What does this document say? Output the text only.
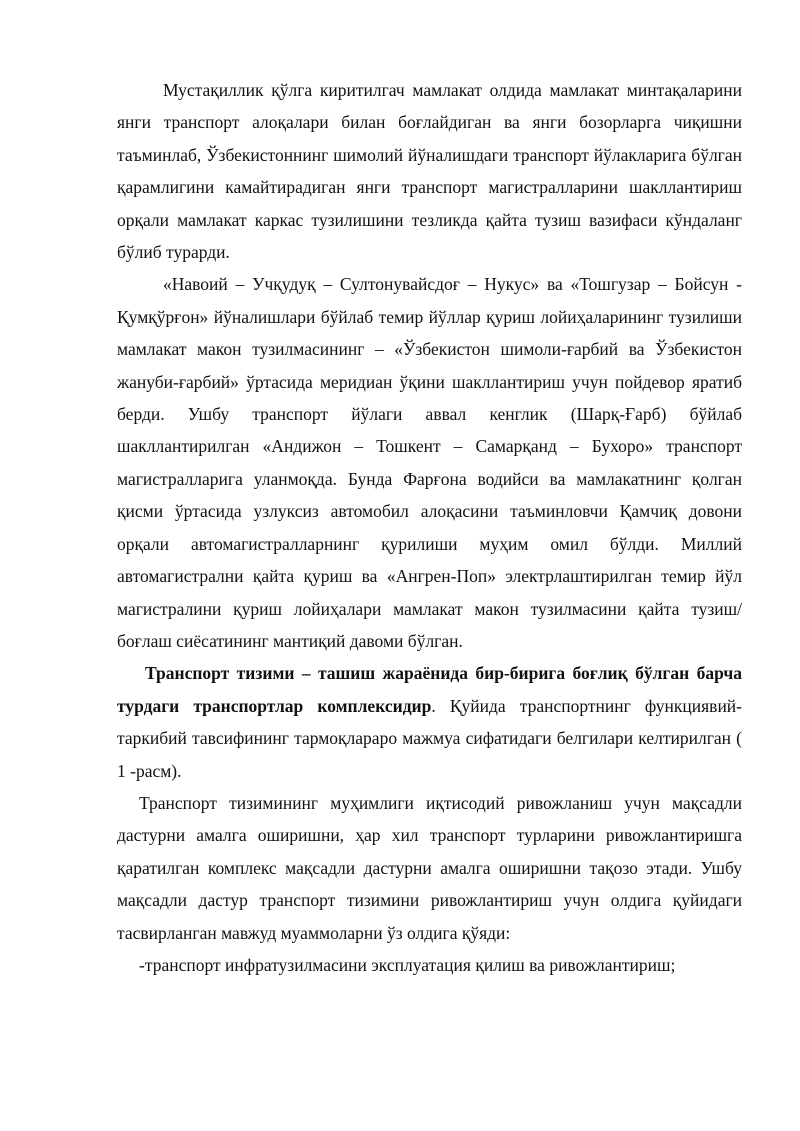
Мустақиллик қўлга киритилгач мамлакат олдида мамлакат минтақаларини янги транспорт алоқалари билан боғлайдиган ва янги бозорларга чиқишни таъминлаб, Ўзбекистоннинг шимолий йўналишдаги транспорт йўлакларига бўлган қарамлигини камайтирадиган янги транспорт магистралларини шакллантириш орқали мамлакат каркас тузилишини тезликда қайта тузиш вазифаси кўндаланг бўлиб турарди.

«Навоий – Учқудуқ – Султонувайсдоғ – Нукус» ва «Тошгузар – Бойсун - Қумқўрғон» йўналишлари бўйлаб темир йўллар қуриш лойиҳаларининг тузилиши мамлакат макон тузилмасининг – «Ўзбекистон шимоли-ғарбий ва Ўзбекистон жануби-ғарбий» ўртасида меридиан ўқини шакллантириш учун пойдевор яратиб берди. Ушбу транспорт йўлаги аввал кенглик (Шарқ-Ғарб) бўйлаб шакллантирилган «Андижон – Тошкент – Самарқанд – Бухоро» транспорт магистралларига уланмоқда. Бунда Фарғона водийси ва мамлакатнинг қолган қисми ўртасида узлуксиз автомобил алоқасини таъминловчи Қамчиқ довони орқали автомагистралларнинг қурилиши муҳим омил бўлди. Миллий автомагистрални қайта қуриш ва «Ангрен-Поп» электрлаштирилган темир йўл магистралини қуриш лойиҳалари мамлакат макон тузилмасини қайта тузиш/боғлаш сиёсатининг мантиқий давоми бўлган.

Транспорт тизими – ташиш жараёнида бир-бирига боғлиқ бўлган барча турдаги транспортлар комплексидир. Қуйида транспортнинг функциявий-таркибий тавсифининг тармоқлараро мажмуа сифатидаги белгилари келтирилган ( 1 -расм).

Транспорт тизимининг муҳимлиги иқтисодий ривожланиш учун мақсадли дастурни амалга оширишни, ҳар хил транспорт турларини ривожлантиришга қаратилган комплекс мақсадли дастурни амалга оширишни тақозо этади. Ушбу мақсадли дастур транспорт тизимини ривожлантириш учун олдига қуйидаги тасвирланган мавжуд муаммоларни ўз олдига қўяди:

-транспорт инфратузилмасини эксплуатация қилиш ва ривожлантириш;
